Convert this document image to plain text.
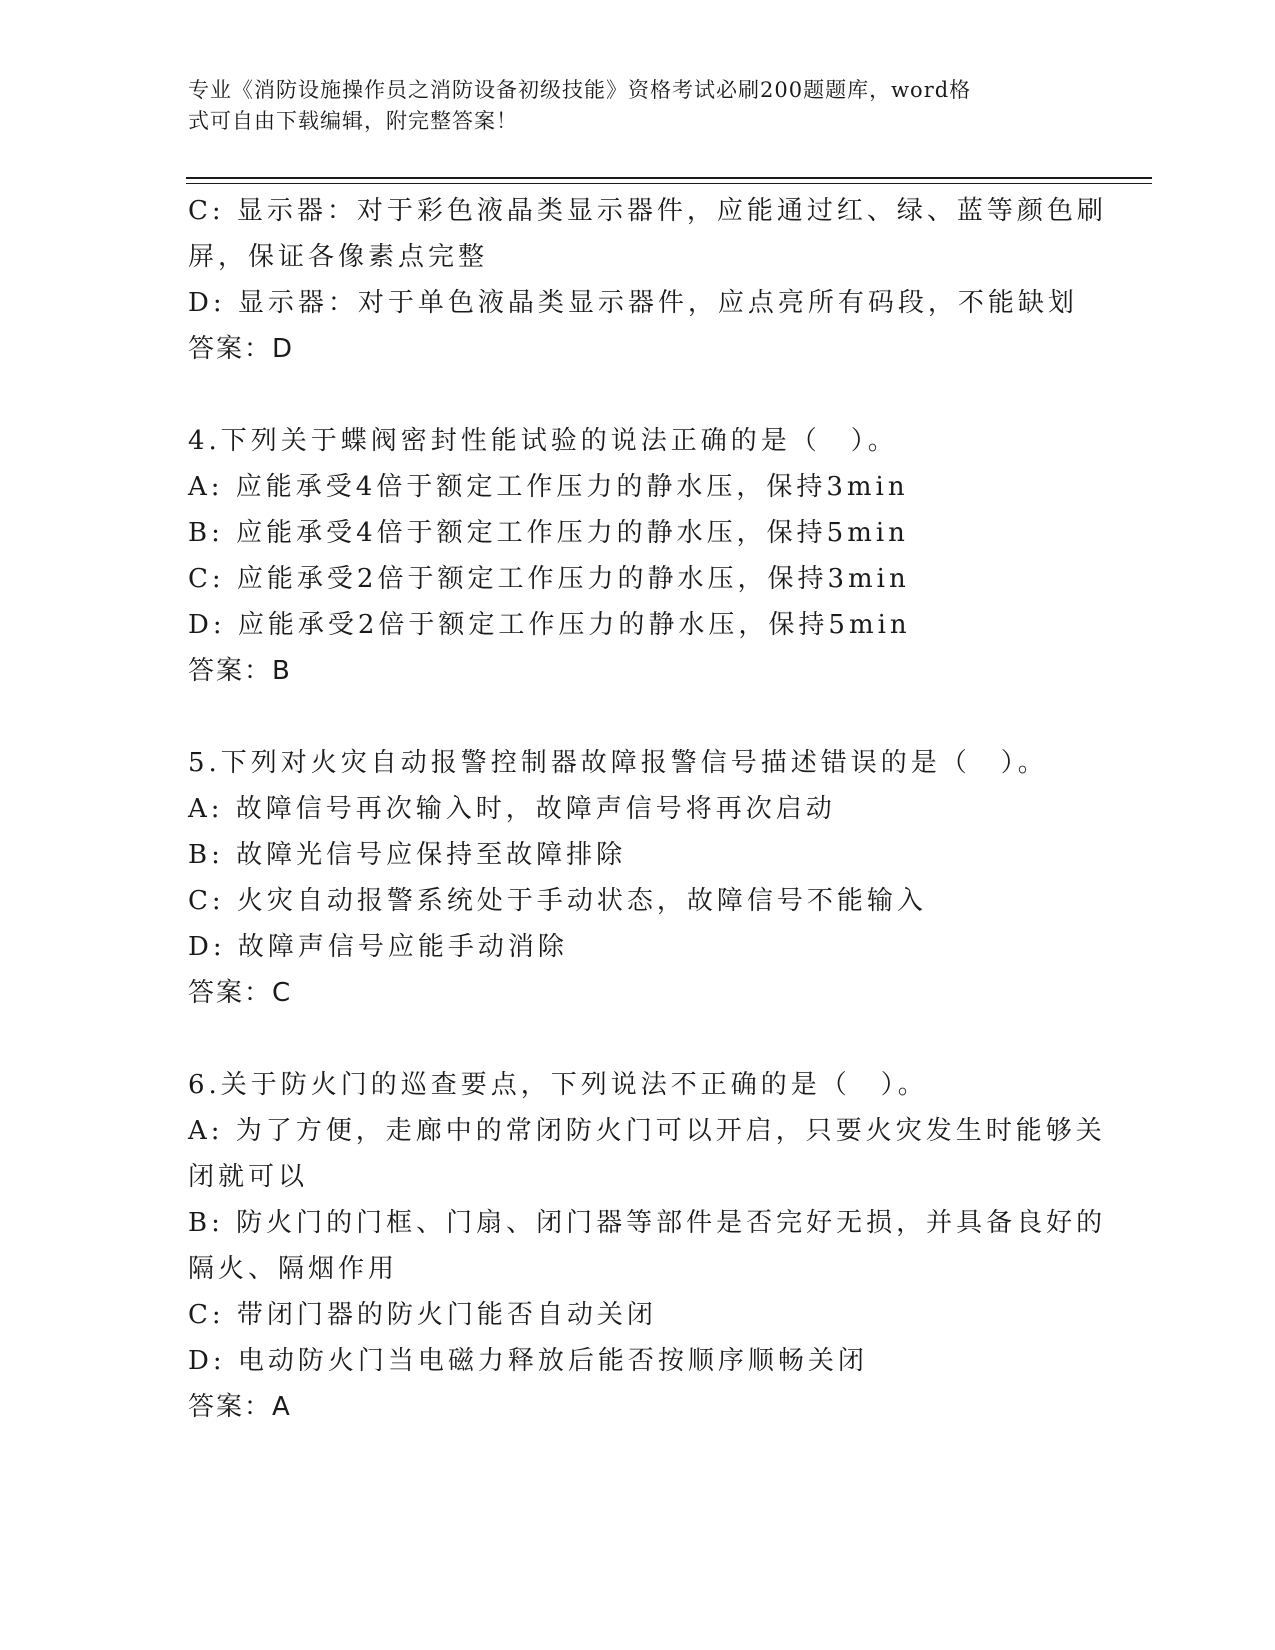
专业《消防设施操作员之消防设备初级技能》资格考试必刷200题题库，word格
式可自由下载编辑，附完整答案！
C: 显示器：对于彩色液晶类显示器件，应能通过红、绿、蓝等颜色刷
屏，保证各像素点完整
D: 显示器：对于单色液晶类显示器件，应点亮所有码段，不能缺划
答案：D
4.下列关于蝶阀密封性能试验的说法正确的是（　）。
A: 应能承受4倍于额定工作压力的静水压，保持3min
B: 应能承受4倍于额定工作压力的静水压，保持5min
C: 应能承受2倍于额定工作压力的静水压，保持3min
D: 应能承受2倍于额定工作压力的静水压，保持5min
答案：B
5.下列对火灾自动报警控制器故障报警信号描述错误的是（　）。
A: 故障信号再次输入时，故障声信号将再次启动
B: 故障光信号应保持至故障排除
C: 火灾自动报警系统处于手动状态，故障信号不能输入
D: 故障声信号应能手动消除
答案：C
6.关于防火门的巡查要点，下列说法不正确的是（　）。
A: 为了方便，走廊中的常闭防火门可以开启，只要火灾发生时能够关
闭就可以
B: 防火门的门框、门扇、闭门器等部件是否完好无损，并具备良好的
隔火、隔烟作用
C: 带闭门器的防火门能否自动关闭
D: 电动防火门当电磁力释放后能否按顺序顺畅关闭
答案：A
